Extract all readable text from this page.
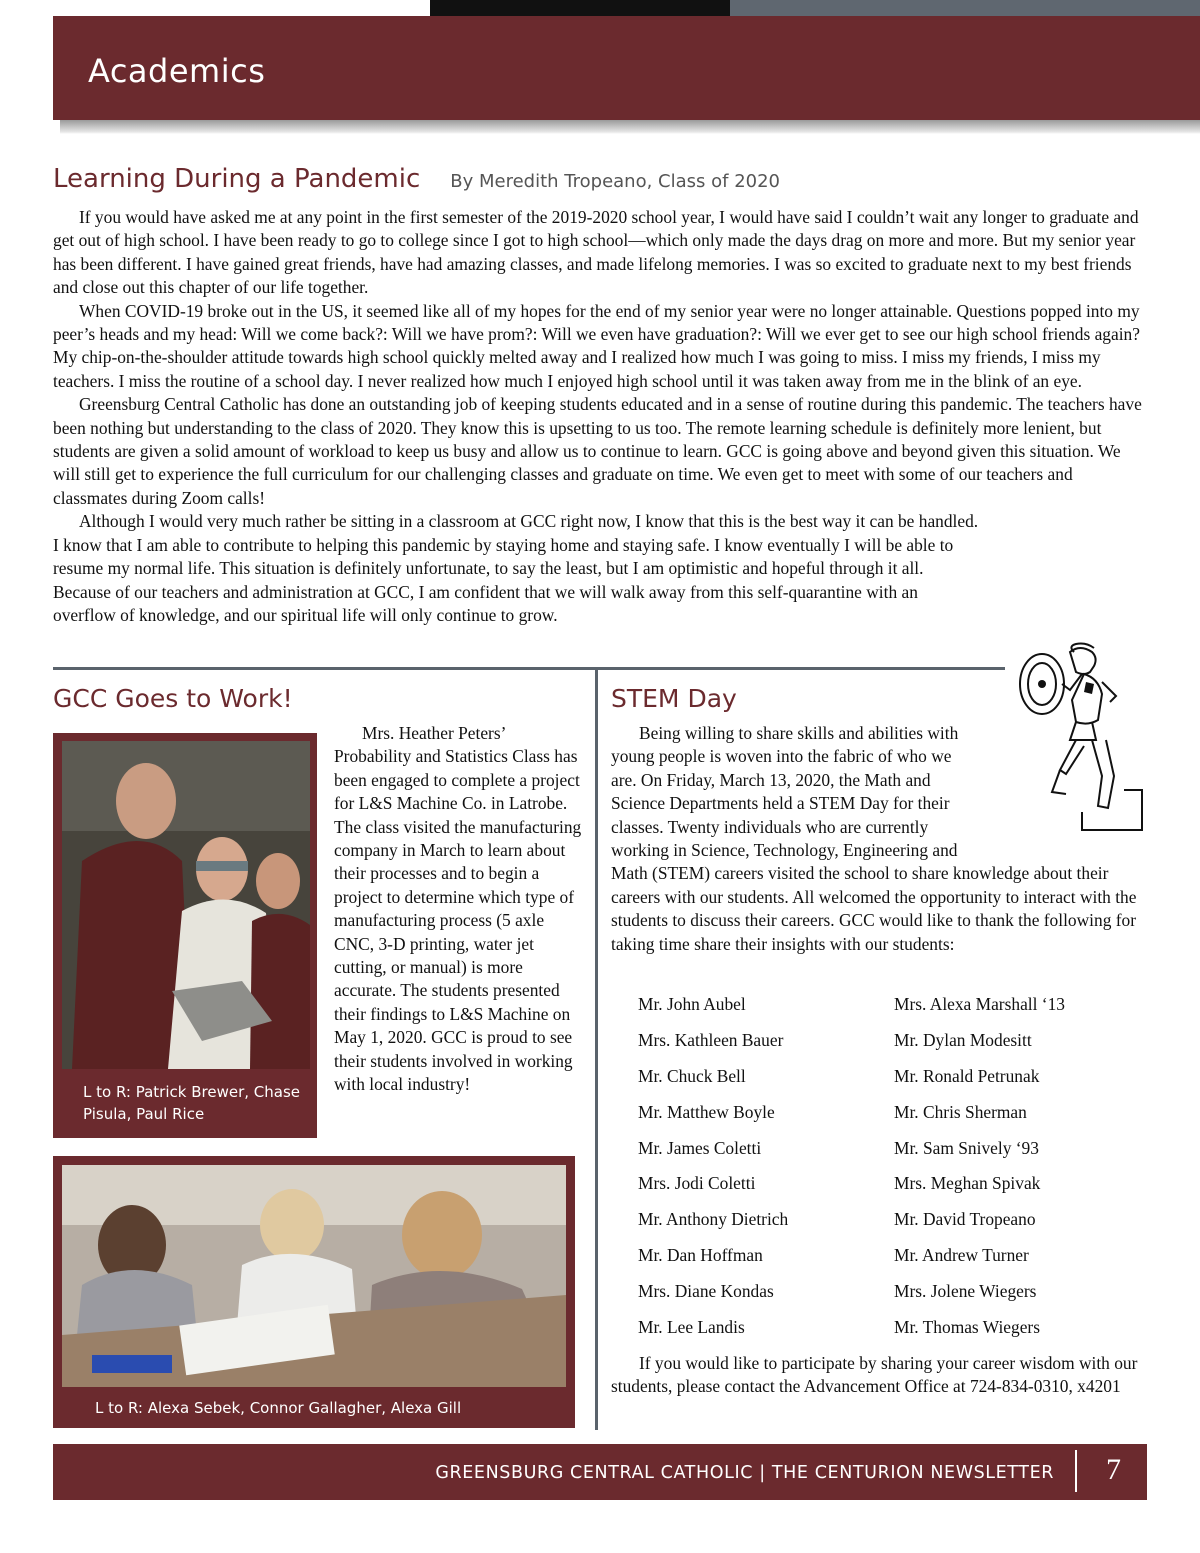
Academics
Learning During a Pandemic By Meredith Tropeano, Class of 2020

If you would have asked me at any point in the first semester of the 2019-2020 school year, I would have said I couldn’t wait any longer to graduate and get out of high school. I have been ready to go to college since I got to high school—which only made the days drag on more and more. But my senior year has been different. I have gained great friends, have had amazing classes, and made lifelong memories. I was so excited to graduate next to my best friends and close out this chapter of our life together.

When COVID-19 broke out in the US, it seemed like all of my hopes for the end of my senior year were no longer attainable. Questions popped into my peer’s heads and my head: Will we come back?: Will we have prom?: Will we even have graduation?: Will we ever get to see our high school friends again? My chip-on-the-shoulder attitude towards high school quickly melted away and I realized how much I was going to miss. I miss my friends, I miss my teachers. I miss the routine of a school day. I never realized how much I enjoyed high school until it was taken away from me in the blink of an eye.

Greensburg Central Catholic has done an outstanding job of keeping students educated and in a sense of routine during this pandemic. The teachers have been nothing but understanding to the class of 2020. They know this is upsetting to us too. The remote learning schedule is definitely more lenient, but students are given a solid amount of workload to keep us busy and allow us to continue to learn. GCC is going above and beyond given this situation. We will still get to experience the full curriculum for our challenging classes and graduate on time. We even get to meet with some of our teachers and classmates during Zoom calls!

Although I would very much rather be sitting in a classroom at GCC right now, I know that this is the best way it can be handled. I know that I am able to contribute to helping this pandemic by staying home and staying safe. I know eventually I will be able to resume my normal life. This situation is definitely unfortunate, to say the least, but I am optimistic and hopeful through it all. Because of our teachers and administration at GCC, I am confident that we will walk away from this self-quarantine with an overflow of knowledge, and our spiritual life will only continue to grow.

GCC Goes to Work!
L to R: Patrick Brewer, Chase Pisula, Paul Rice

Mrs. Heather Peters’ Probability and Statistics Class has been engaged to complete a project for L&S Machine Co. in Latrobe. The class visited the manufacturing company in March to learn about their processes and to begin a project to determine which type of manufacturing process (5 axle CNC, 3-D printing, water jet cutting, or manual) is more accurate. The students presented their findings to L&S Machine on May 1, 2020. GCC is proud to see their students involved in working with local industry!

L to R: Alexa Sebek, Connor Gallagher, Alexa Gill
STEM Day

Being willing to share skills and abilities with young people is woven into the fabric of who we are. On Friday, March 13, 2020, the Math and Science Departments held a STEM Day for their classes. Twenty individuals who are currently working in Science, Technology, Engineering and Math (STEM) careers visited the school to share knowledge about their careers with our students. All welcomed the opportunity to interact with the students to discuss their careers. GCC would like to thank the following for taking time share their insights with our students:

Mr. John Aubel	Mrs. Alexa Marshall ‘13
Mrs. Kathleen Bauer	Mr. Dylan Modesitt
Mr. Chuck Bell	Mr. Ronald Petrunak
Mr. Matthew Boyle	Mr. Chris Sherman
Mr. James Coletti	Mr. Sam Snively ‘93
Mrs. Jodi Coletti	Mrs. Meghan Spivak
Mr. Anthony Dietrich	Mr. David Tropeano
Mr. Dan Hoffman	Mr. Andrew Turner
Mrs. Diane Kondas	Mrs. Jolene Wiegers
Mr. Lee Landis	Mr. Thomas Wiegers

If you would like to participate by sharing your career wisdom with our students, please contact the Advancement Office at 724-834-0310, x4201

GREENSBURG CENTRAL CATHOLIC | THE CENTURION NEWSLETTER 7
